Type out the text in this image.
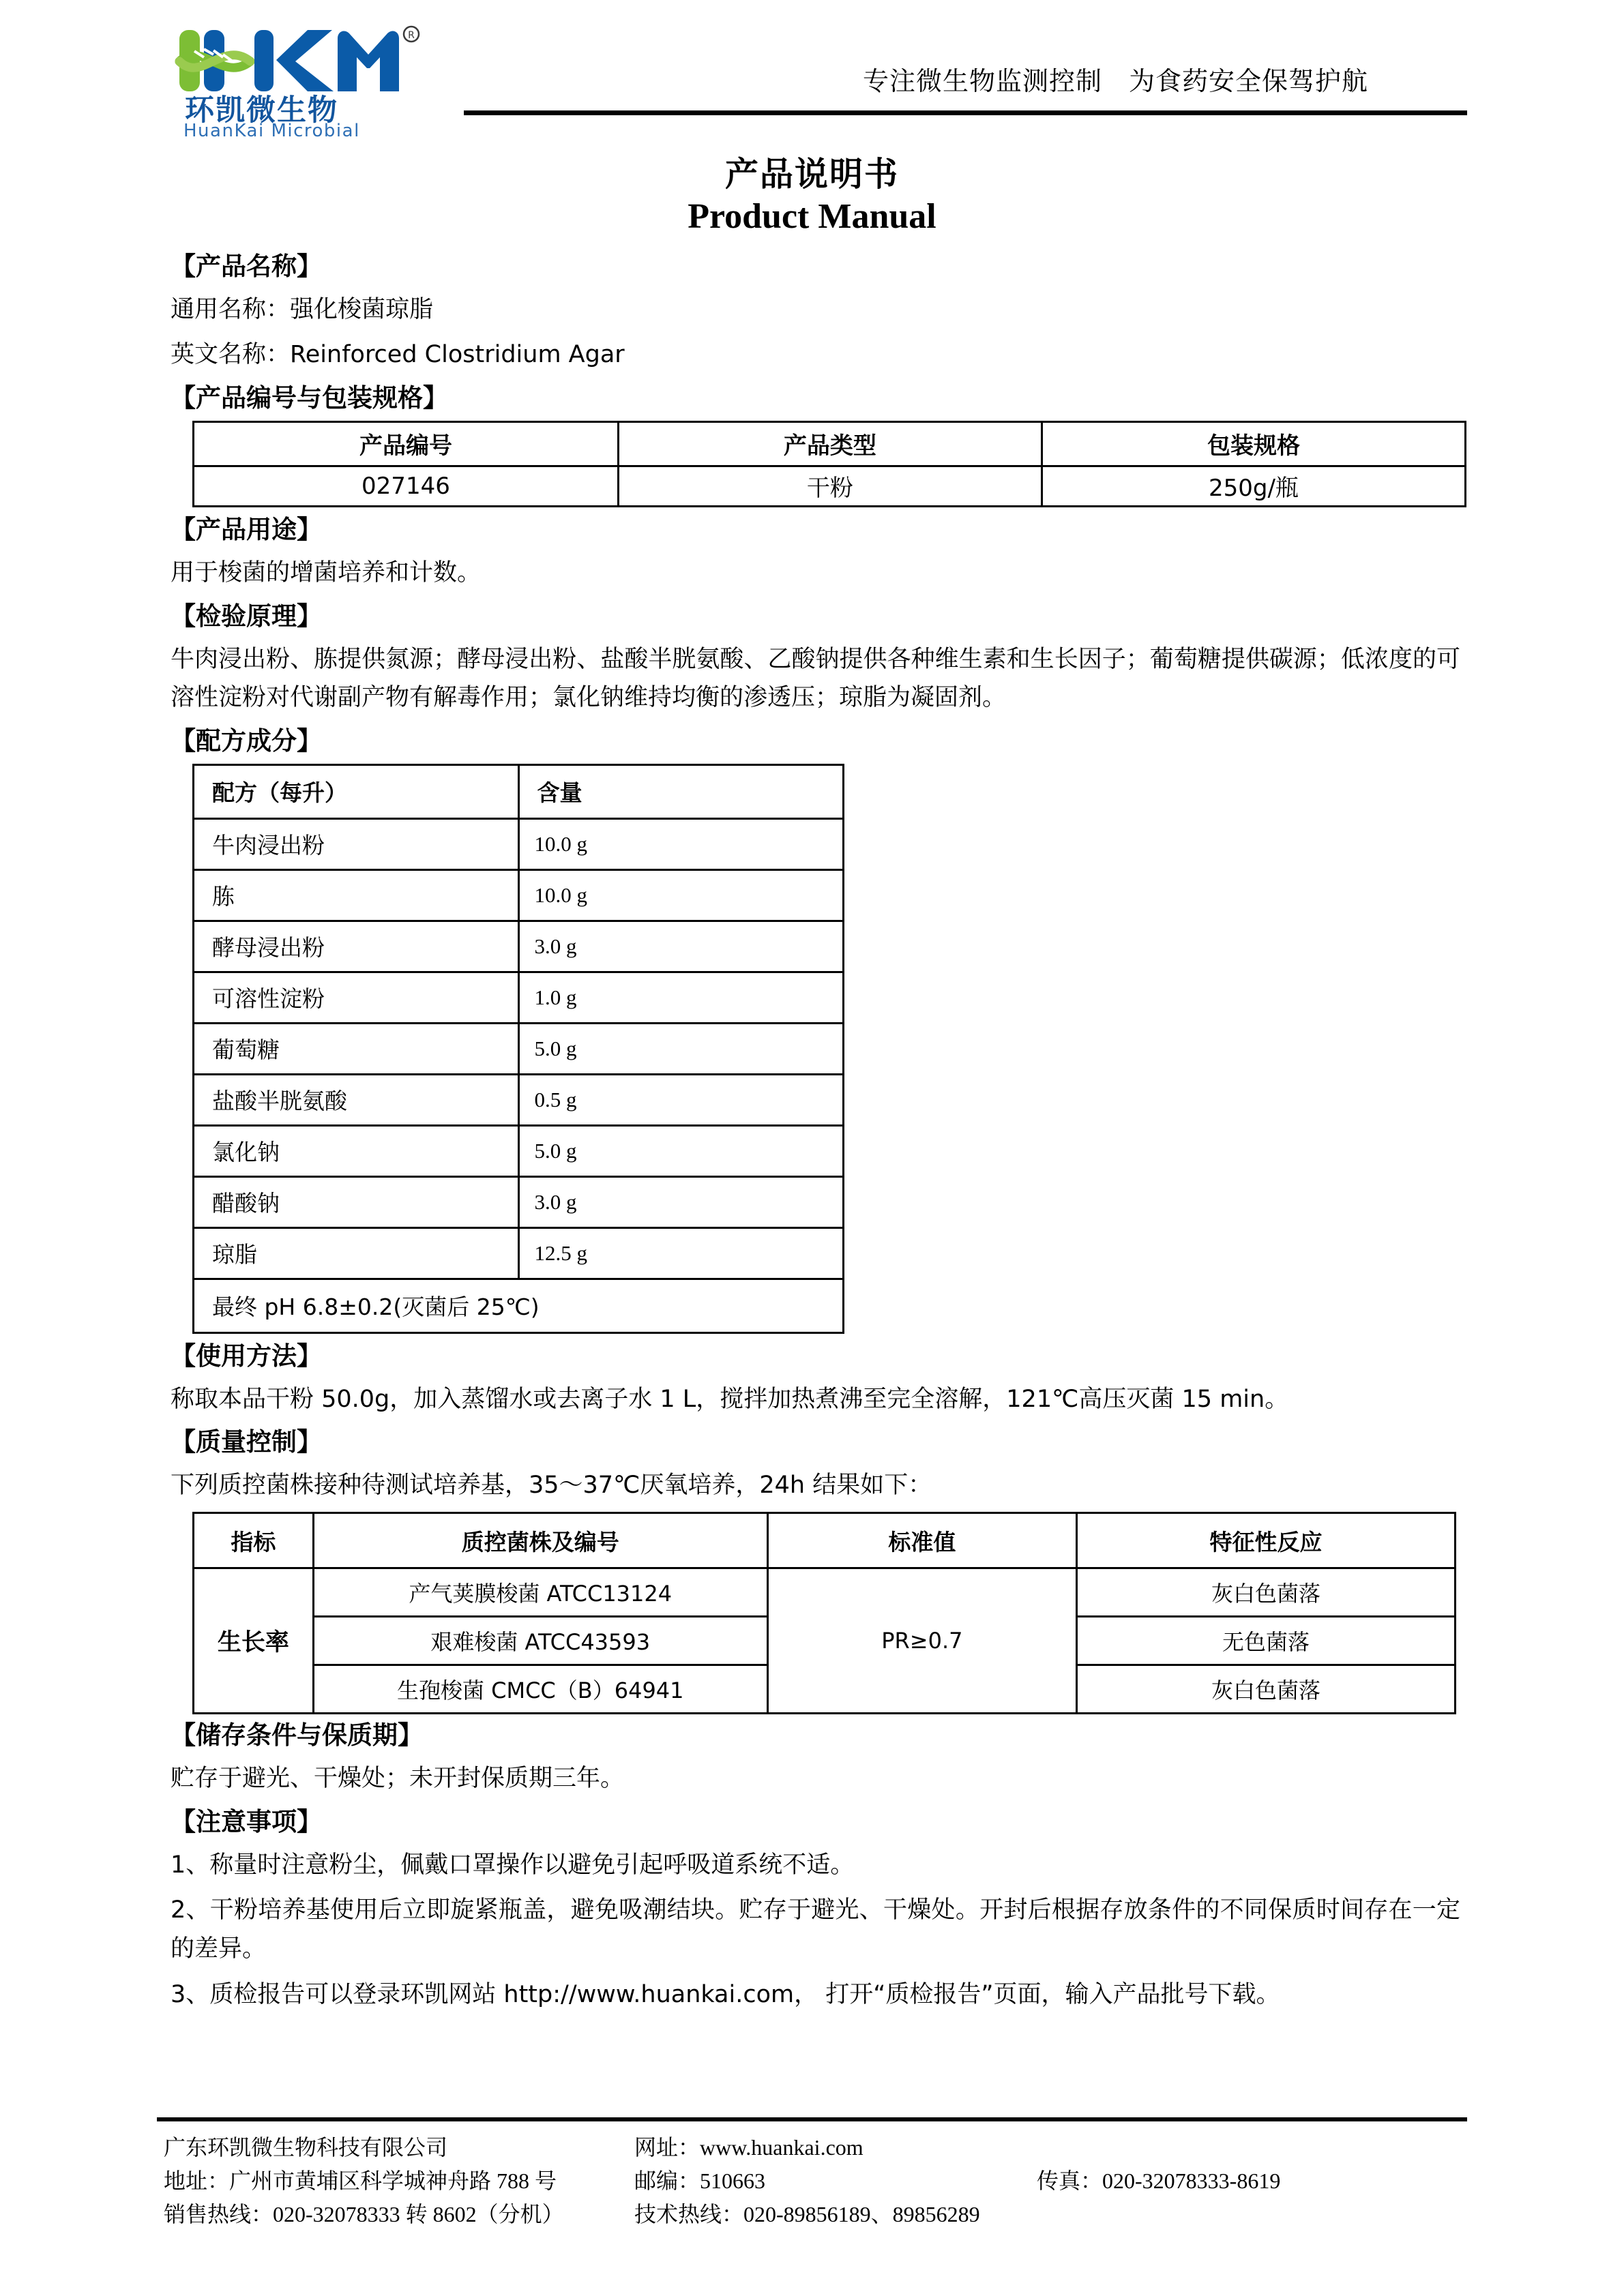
R
环凯微生物
HuanKai Microbial
专注微生物监测控制　为食药安全保驾护航
产品说明书
Product Manual
【产品名称】
通用名称：强化梭菌琼脂
英文名称：Reinforced Clostridium Agar
【产品编号与包装规格】
产品编号	产品类型	包装规格
027146	干粉	250g/瓶
【产品用途】
用于梭菌的增菌培养和计数。
【检验原理】
牛肉浸出粉、胨提供氮源；酵母浸出粉、盐酸半胱氨酸、乙酸钠提供各种维生素和生长因子；葡萄糖提供碳源；低浓度的可溶性淀粉对代谢副产物有解毒作用；氯化钠维持均衡的渗透压；琼脂为凝固剂。
【配方成分】
配方（每升）	含量
牛肉浸出粉	10.0 g
胨	10.0 g
酵母浸出粉	3.0 g
可溶性淀粉	1.0 g
葡萄糖	5.0 g
盐酸半胱氨酸	0.5 g
氯化钠	5.0 g
醋酸钠	3.0 g
琼脂	12.5 g
最终 pH 6.8±0.2(灭菌后 25℃)	
【使用方法】
称取本品干粉 50.0g，加入蒸馏水或去离子水 1 L，搅拌加热煮沸至完全溶解，121℃高压灭菌 15 min。
【质量控制】
下列质控菌株接种待测试培养基，35～37℃厌氧培养，24h 结果如下：
指标	质控菌株及编号	标准值	特征性反应
生长率	产气荚膜梭菌 ATCC13124	PR≥0.7	灰白色菌落
	艰难梭菌 ATCC43593		无色菌落
	生孢梭菌 CMCC（B）64941		灰白色菌落
【储存条件与保质期】
贮存于避光、干燥处；未开封保质期三年。
【注意事项】
1、称量时注意粉尘，佩戴口罩操作以避免引起呼吸道系统不适。
2、干粉培养基使用后立即旋紧瓶盖，避免吸潮结块。贮存于避光、干燥处。开封后根据存放条件的不同保质时间存在一定的差异。
3、质检报告可以登录环凯网站 http://www.huankai.com， 打开“质检报告”页面，输入产品批号下载。
广东环凯微生物科技有限公司
地址：广州市黄埔区科学城神舟路 788 号
销售热线：020-32078333 转 8602（分机）
网址：www.huankai.com
邮编：510663
技术热线：020-89856189、89856289
传真：020-32078333-8619
